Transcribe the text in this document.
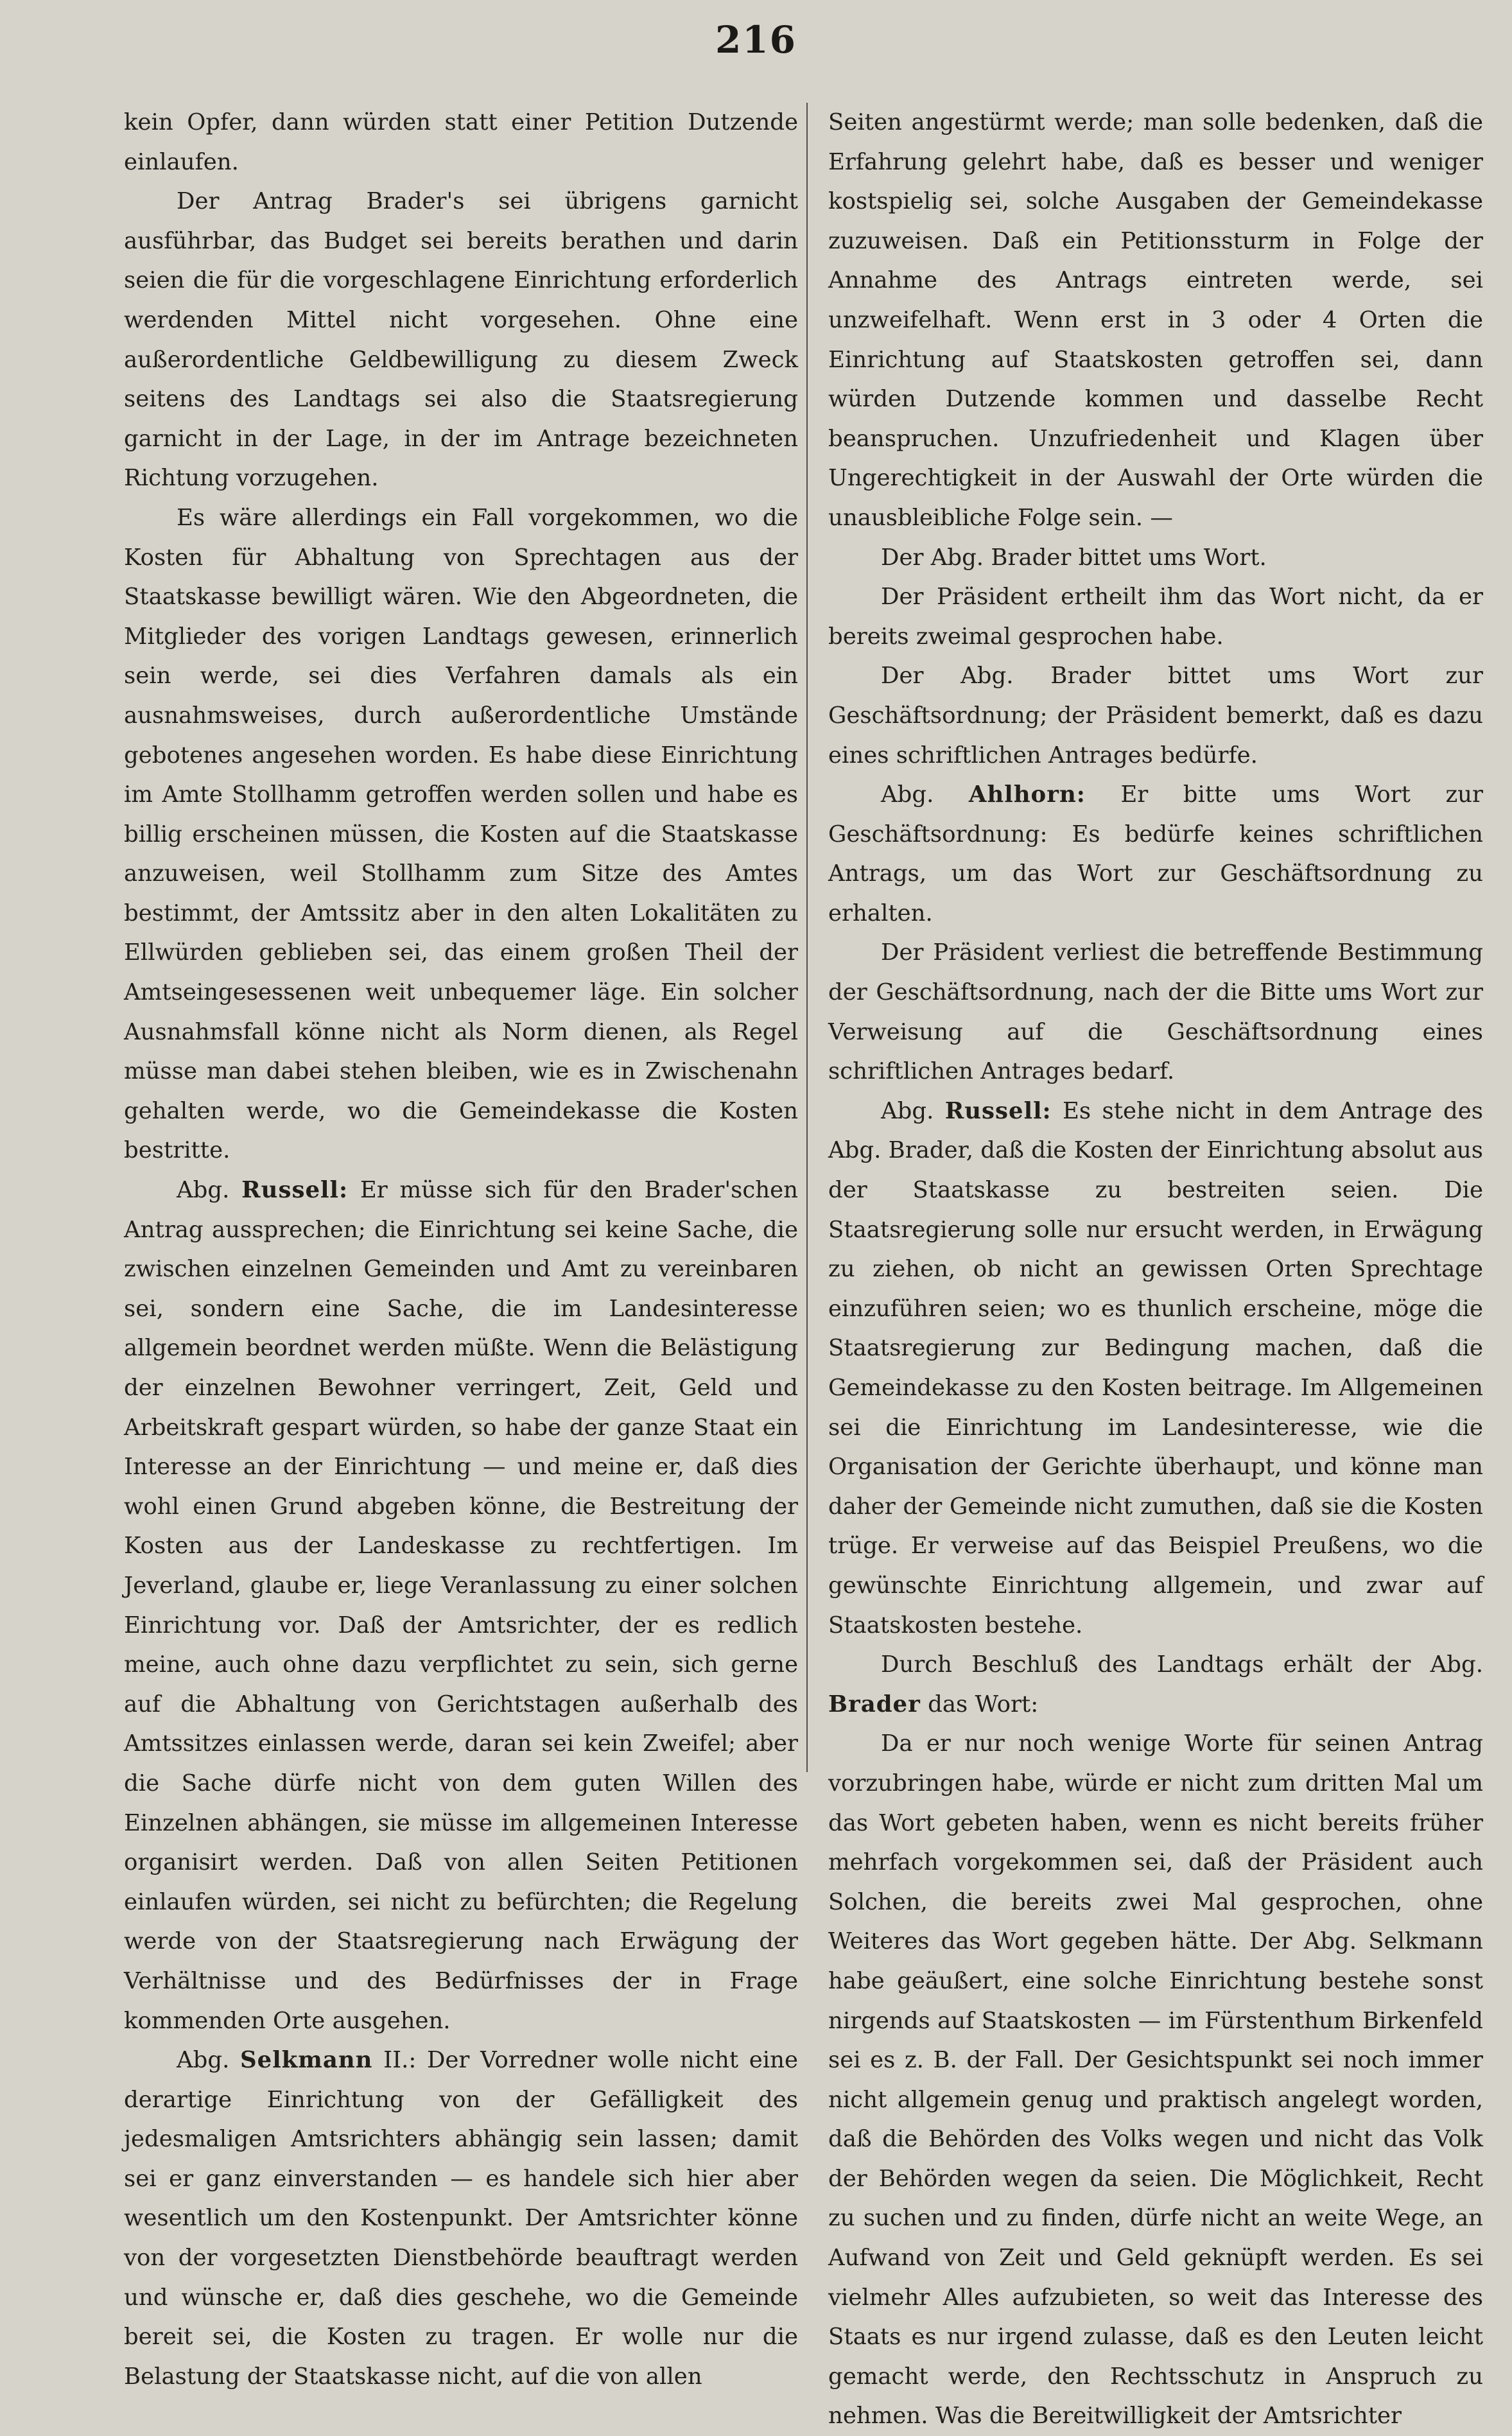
216

kein Opfer, dann würden statt einer Petition Dutzende einlaufen.

Der Antrag Brader's sei übrigens garnicht ausführbar, das Budget sei bereits berathen und darin seien die für die vorgeschlagene Einrichtung erforderlich werdenden Mittel nicht vorgesehen. Ohne eine außerordentliche Geldbewilligung zu diesem Zweck seitens des Landtags sei also die Staatsregierung garnicht in der Lage, in der im Antrage bezeichneten Richtung vorzugehen.

Es wäre allerdings ein Fall vorgekommen, wo die Kosten für Abhaltung von Sprechtagen aus der Staatskasse bewilligt wären. Wie den Abgeordneten, die Mitglieder des vorigen Landtags gewesen, erinnerlich sein werde, sei dies Verfahren damals als ein ausnahmsweises, durch außerordentliche Umstände gebotenes angesehen worden. Es habe diese Einrichtung im Amte Stollhamm getroffen werden sollen und habe es billig erscheinen müssen, die Kosten auf die Staatskasse anzuweisen, weil Stollhamm zum Sitze des Amtes bestimmt, der Amtssitz aber in den alten Lokalitäten zu Ellwürden geblieben sei, das einem großen Theil der Amtseingesessenen weit unbequemer läge. Ein solcher Ausnahmsfall könne nicht als Norm dienen, als Regel müsse man dabei stehen bleiben, wie es in Zwischenahn gehalten werde, wo die Gemeindekasse die Kosten bestritte.

Abg. Russell: Er müsse sich für den Brader'schen Antrag aussprechen; die Einrichtung sei keine Sache, die zwischen einzelnen Gemeinden und Amt zu vereinbaren sei, sondern eine Sache, die im Landesinteresse allgemein beordnet werden müßte. Wenn die Belästigung der einzelnen Bewohner verringert, Zeit, Geld und Arbeitskraft gespart würden, so habe der ganze Staat ein Interesse an der Einrichtung — und meine er, daß dies wohl einen Grund abgeben könne, die Bestreitung der Kosten aus der Landeskasse zu rechtfertigen. Im Jeverland, glaube er, liege Veranlassung zu einer solchen Einrichtung vor. Daß der Amtsrichter, der es redlich meine, auch ohne dazu verpflichtet zu sein, sich gerne auf die Abhaltung von Gerichtstagen außerhalb des Amtssitzes einlassen werde, daran sei kein Zweifel; aber die Sache dürfe nicht von dem guten Willen des Einzelnen abhängen, sie müsse im allgemeinen Interesse organisirt werden. Daß von allen Seiten Petitionen einlaufen würden, sei nicht zu befürchten; die Regelung werde von der Staatsregierung nach Erwägung der Verhältnisse und des Bedürfnisses der in Frage kommenden Orte ausgehen.

Abg. Selkmann II.: Der Vorredner wolle nicht eine derartige Einrichtung von der Gefälligkeit des jedesmaligen Amtsrichters abhängig sein lassen; damit sei er ganz einverstanden — es handele sich hier aber wesentlich um den Kostenpunkt. Der Amtsrichter könne von der vorgesetzten Dienstbehörde beauftragt werden und wünsche er, daß dies geschehe, wo die Gemeinde bereit sei, die Kosten zu tragen. Er wolle nur die Belastung der Staatskasse nicht, auf die von allen

Seiten angestürmt werde; man solle bedenken, daß die Erfahrung gelehrt habe, daß es besser und weniger kostspielig sei, solche Ausgaben der Gemeindekasse zuzuweisen. Daß ein Petitionssturm in Folge der Annahme des Antrags eintreten werde, sei unzweifelhaft. Wenn erst in 3 oder 4 Orten die Einrichtung auf Staatskosten getroffen sei, dann würden Dutzende kommen und dasselbe Recht beanspruchen. Unzufriedenheit und Klagen über Ungerechtigkeit in der Auswahl der Orte würden die unausbleibliche Folge sein. —

Der Abg. Brader bittet ums Wort.

Der Präsident ertheilt ihm das Wort nicht, da er bereits zweimal gesprochen habe.

Der Abg. Brader bittet ums Wort zur Geschäftsordnung; der Präsident bemerkt, daß es dazu eines schriftlichen Antrages bedürfe.

Abg. Ahlhorn: Er bitte ums Wort zur Geschäftsordnung: Es bedürfe keines schriftlichen Antrags, um das Wort zur Geschäftsordnung zu erhalten.

Der Präsident verliest die betreffende Bestimmung der Geschäftsordnung, nach der die Bitte ums Wort zur Verweisung auf die Geschäftsordnung eines schriftlichen Antrages bedarf.

Abg. Russell: Es stehe nicht in dem Antrage des Abg. Brader, daß die Kosten der Einrichtung absolut aus der Staatskasse zu bestreiten seien. Die Staatsregierung solle nur ersucht werden, in Erwägung zu ziehen, ob nicht an gewissen Orten Sprechtage einzuführen seien; wo es thunlich erscheine, möge die Staatsregierung zur Bedingung machen, daß die Gemeindekasse zu den Kosten beitrage. Im Allgemeinen sei die Einrichtung im Landesinteresse, wie die Organisation der Gerichte überhaupt, und könne man daher der Gemeinde nicht zumuthen, daß sie die Kosten trüge. Er verweise auf das Beispiel Preußens, wo die gewünschte Einrichtung allgemein, und zwar auf Staatskosten bestehe.

Durch Beschluß des Landtags erhält der Abg. Brader das Wort:

Da er nur noch wenige Worte für seinen Antrag vorzubringen habe, würde er nicht zum dritten Mal um das Wort gebeten haben, wenn es nicht bereits früher mehrfach vorgekommen sei, daß der Präsident auch Solchen, die bereits zwei Mal gesprochen, ohne Weiteres das Wort gegeben hätte. Der Abg. Selkmann habe geäußert, eine solche Einrichtung bestehe sonst nirgends auf Staatskosten — im Fürstenthum Birkenfeld sei es z. B. der Fall. Der Gesichtspunkt sei noch immer nicht allgemein genug und praktisch angelegt worden, daß die Behörden des Volks wegen und nicht das Volk der Behörden wegen da seien. Die Möglichkeit, Recht zu suchen und zu finden, dürfe nicht an weite Wege, an Aufwand von Zeit und Geld geknüpft werden. Es sei vielmehr Alles aufzubieten, so weit das Interesse des Staats es nur irgend zulasse, daß es den Leuten leicht gemacht werde, den Rechtsschutz in Anspruch zu nehmen. Was die Bereitwilligkeit der Amtsrichter
